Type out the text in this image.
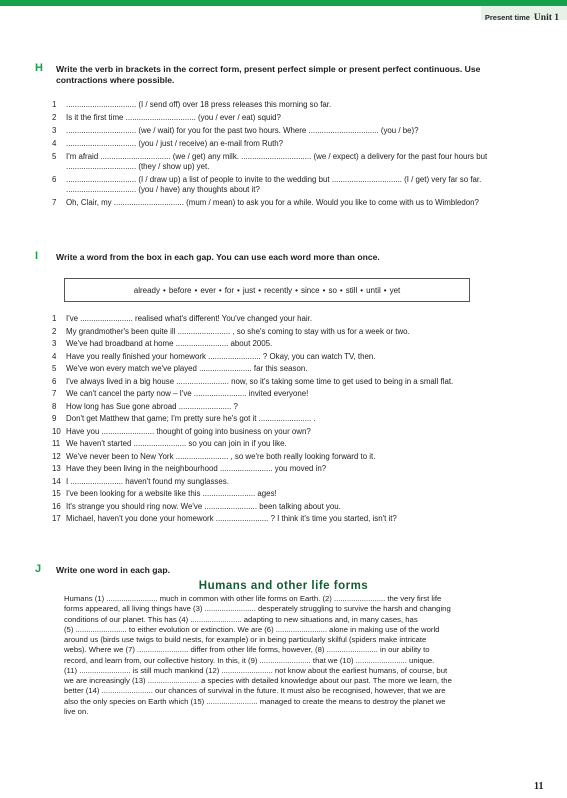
Present time Unit 1
H Write the verb in brackets in the correct form, present perfect simple or present perfect continuous. Use contractions where possible.
1 ................................ (I / send off) over 18 press releases this morning so far.
2 Is it the first time ................................ (you / ever / eat) squid?
3 ................................ (we / wait) for you for the past two hours. Where ................................ (you / be)?
4 ................................ (you / just / receive) an e-mail from Ruth?
5 I'm afraid ................................ (we / get) any milk. ................................ (we / expect) a delivery for the past four hours but ................................ (they / show up) yet.
6 ................................ (I / draw up) a list of people to invite to the wedding but ................................ (I / get) very far so far. ................................ (you / have) any thoughts about it?
7 Oh, Clair, my ................................ (mum / mean) to ask you for a while. Would you like to come with us to Wimbledon?
I Write a word from the box in each gap. You can use each word more than once.
already • before • ever • for • just • recently • since • so • still • until • yet
1 I've ........................ realised what's different! You've changed your hair.
2 My grandmother's been quite ill ........................ , so she's coming to stay with us for a week or two.
3 We've had broadband at home ........................ about 2005.
4 Have you really finished your homework ........................ ? Okay, you can watch TV, then.
5 We've won every match we've played ........................ far this season.
6 I've always lived in a big house ........................ now, so it's taking some time to get used to being in a small flat.
7 We can't cancel the party now – I've ........................ invited everyone!
8 How long has Sue gone abroad ........................ ?
9 Don't get Matthew that game; I'm pretty sure he's got it ........................ .
10 Have you ........................ thought of going into business on your own?
11 We haven't started ........................ so you can join in if you like.
12 We've never been to New York ........................ , so we're both really looking forward to it.
13 Have they been living in the neighbourhood ........................ you moved in?
14 I ........................ haven't found my sunglasses.
15 I've been looking for a website like this ........................ ages!
16 It's strange you should ring now. We've ........................ been talking about you.
17 Michael, haven't you done your homework ........................ ? I think it's time you started, isn't it?
J Write one word in each gap.
Humans and other life forms
Humans (1) ........................ much in common with other life forms on Earth. (2) ........................ the very first life
forms appeared, all living things have (3) ........................ desperately struggling to survive the harsh and changing
conditions of our planet. This has (4) ........................ adapting to new situations and, in many cases, has
(5) ........................ to either evolution or extinction. We are (6) ........................ alone in making use of the world
around us (birds use twigs to build nests, for example) or in being particularly skilful (spiders make intricate
webs). Where we (7) ........................ differ from other life forms, however, (8) ........................ in our ability to
record, and learn from, our collective history. In this, it (9) ........................ that we (10) ........................ unique.
(11) ........................ is still much mankind (12) ........................ not know about the earliest humans, of course, but
we are increasingly (13) ........................ a species with detailed knowledge about our past. The more we learn, the
better (14) ........................ our chances of survival in the future. It must also be recognised, however, that we are
also the only species on Earth which (15) ........................ managed to create the means to destroy the planet we
live on.
11
